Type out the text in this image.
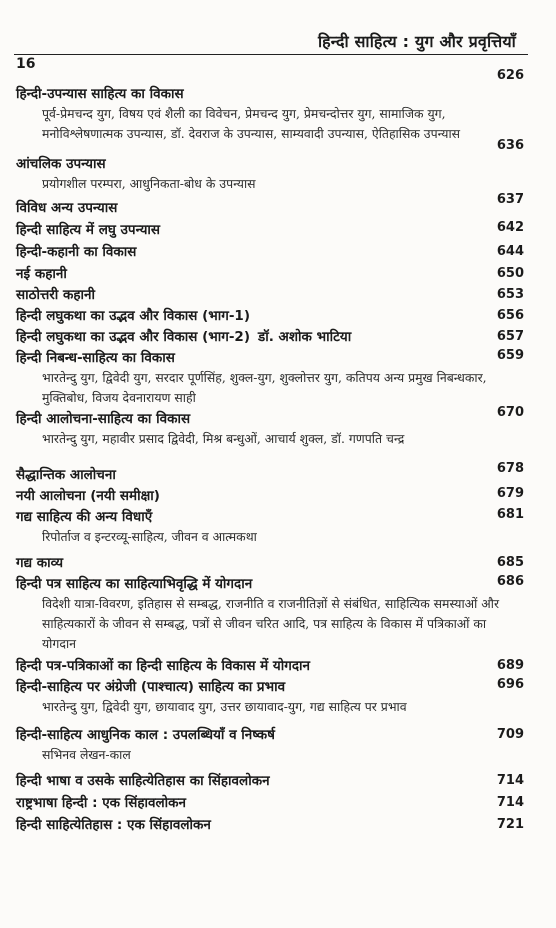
हिन्दी साहित्य : युग और प्रवृत्तियाँ
16
626
हिन्दी-उपन्यास साहित्य का विकास
पूर्व-प्रेमचन्द युग, विषय एवं शैली का विवेचन, प्रेमचन्द युग, प्रेमचन्दोत्तर युग, सामाजिक युग, मनोविश्लेषणात्मक उपन्यास, डॉ. देवराज के उपन्यास, साम्यवादी उपन्यास, ऐतिहासिक उपन्यास
636
आंचलिक उपन्यास
प्रयोगशील परम्परा, आधुनिकता-बोध के उपन्यास
637
विविध अन्य उपन्यास
642
हिन्दी साहित्य में लघु उपन्यास
644
हिन्दी-कहानी का विकास
650
नई कहानी
653
साठोत्तरी कहानी
656
हिन्दी लघुकथा का उद्भव और विकास (भाग-1)
657
हिन्दी लघुकथा का उद्भव और विकास (भाग-2) डॉ. अशोक भाटिया
659
हिन्दी निबन्ध-साहित्य का विकास
भारतेन्दु युग, द्विवेदी युग, सरदार पूर्णसिंह, शुक्ल-युग, शुक्लोत्तर युग, कतिपय अन्य प्रमुख निबन्धकार, मुक्तिबोध, विजय देवनारायण साही
670
हिन्दी आलोचना-साहित्य का विकास
भारतेन्दु युग, महावीर प्रसाद द्विवेदी, मिश्र बन्धुओं, आचार्य शुक्ल, डॉ. गणपति चन्द्र
678
सैद्धान्तिक आलोचना
679
नयी आलोचना (नयी समीक्षा)
681
गद्य साहित्य की अन्य विधाएँ
रिपोर्ताज व इन्टरव्यू-साहित्य, जीवन व आत्मकथा
685
गद्य काव्य
686
हिन्दी पत्र साहित्य का साहित्याभिवृद्धि में योगदान
विदेशी यात्रा-विवरण, इतिहास से सम्बद्ध, राजनीति व राजनीतिज्ञों से संबंधित, साहित्यिक समस्याओं और साहित्यकारों के जीवन से सम्बद्ध, पत्रों से जीवन चरित आदि, पत्र साहित्य के विकास में पत्रिकाओं का योगदान
689
हिन्दी पत्र-पत्रिकाओं का हिन्दी साहित्य के विकास में योगदान
696
हिन्दी-साहित्य पर अंग्रेजी (पाश्चात्य) साहित्य का प्रभाव
भारतेन्दु युग, द्विवेदी युग, छायावाद युग, उत्तर छायावाद-युग, गद्य साहित्य पर प्रभाव
709
हिन्दी-साहित्य आधुनिक काल : उपलब्धियाँ व निष्कर्ष
सभिनव लेखन-काल
714
हिन्दी भाषा व उसके साहित्येतिहास का सिंहावलोकन
714
राष्ट्रभाषा हिन्दी : एक सिंहावलोकन
721
हिन्दी साहित्येतिहास : एक सिंहावलोकन
